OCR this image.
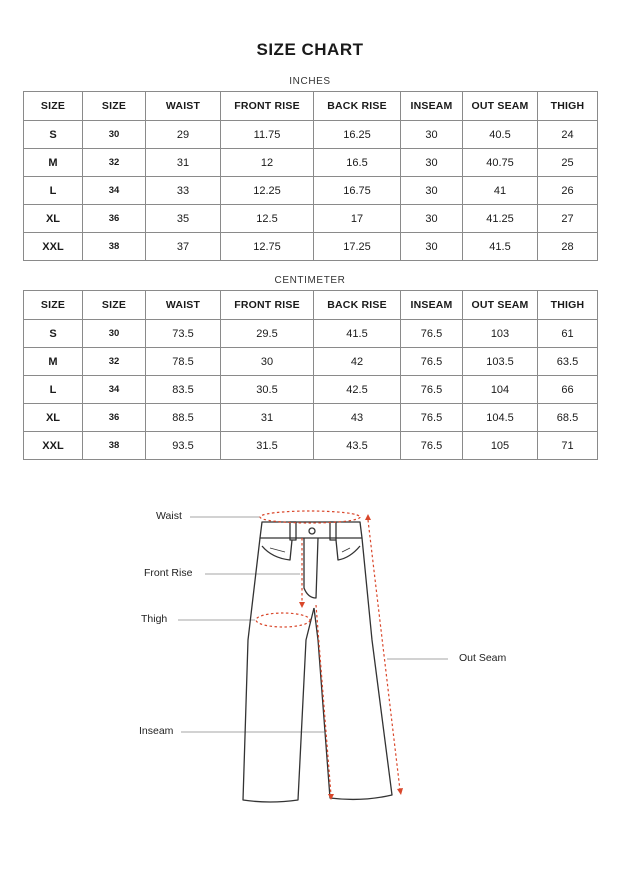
SIZE CHART
INCHES
SIZE	SIZE	WAIST	FRONT RISE	BACK RISE	INSEAM	OUT SEAM	THIGH
S	30	29	11.75	16.25	30	40.5	24
M	32	31	12	16.5	30	40.75	25
L	34	33	12.25	16.75	30	41	26
XL	36	35	12.5	17	30	41.25	27
XXL	38	37	12.75	17.25	30	41.5	28
CENTIMETER
SIZE	SIZE	WAIST	FRONT RISE	BACK RISE	INSEAM	OUT SEAM	THIGH
S	30	73.5	29.5	41.5	76.5	103	61
M	32	78.5	30	42	76.5	103.5	63.5
L	34	83.5	30.5	42.5	76.5	104	66
XL	36	88.5	31	43	76.5	104.5	68.5
XXL	38	93.5	31.5	43.5	76.5	105	71
Waist
Front Rise
Thigh
Out Seam
Inseam
